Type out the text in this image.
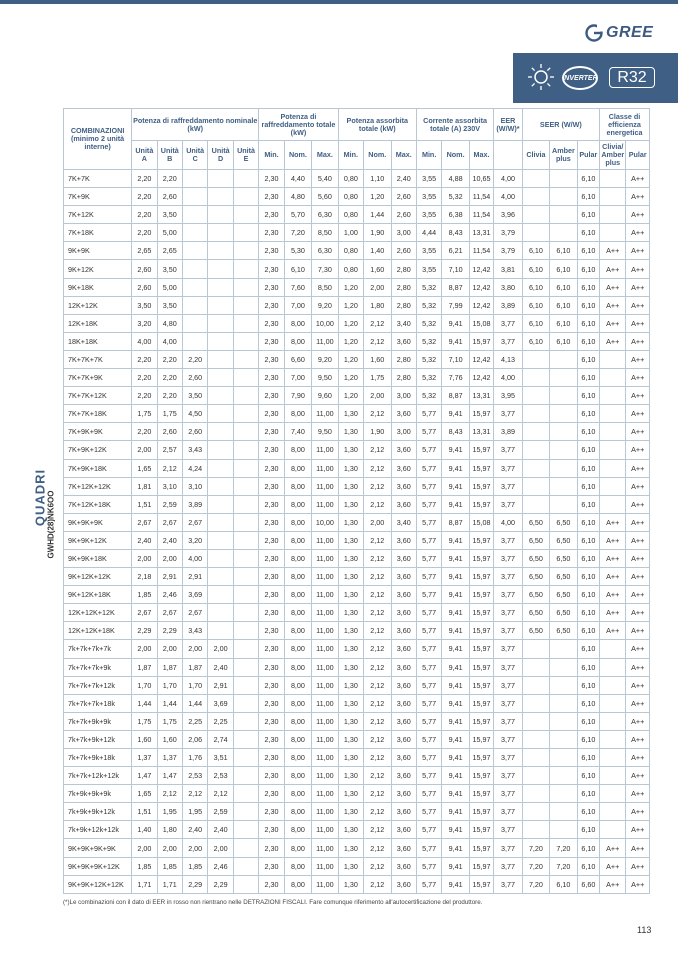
GREE
INVERTER R32
QUADRI GWHD(28)NK6OO
COMBINAZIONI (minimo 2 unità interne)	Potenza di raffreddamento nominale (kW)					Potenza di raffreddamento totale (kW)			Potenza assorbita totale (kW)			Corrente assorbita totale (A) 230V			EER (W/W)*	SEER (W/W)			Classe di efficienza energetica	
	Unità A	Unità B	Unità C	Unità D	Unità E	Min.	Nom.	Max.	Min.	Nom.	Max.	Min.	Nom.	Max.		Clivia	Amber plus	Pular	Clivia/ Amber plus	Pular
7K+7K	2,20	2,20				2,30	4,40	5,40	0,80	1,10	2,40	3,55	4,88	10,65	4,00			6,10		A++
7K+9K	2,20	2,60				2,30	4,80	5,60	0,80	1,20	2,60	3,55	5,32	11,54	4,00			6,10		A++
7K+12K	2,20	3,50				2,30	5,70	6,30	0,80	1,44	2,60	3,55	6,38	11,54	3,96			6,10		A++
7K+18K	2,20	5,00				2,30	7,20	8,50	1,00	1,90	3,00	4,44	8,43	13,31	3,79			6,10		A++
9K+9K	2,65	2,65				2,30	5,30	6,30	0,80	1,40	2,60	3,55	6,21	11,54	3,79	6,10	6,10	6,10	A++	A++
9K+12K	2,60	3,50				2,30	6,10	7,30	0,80	1,60	2,80	3,55	7,10	12,42	3,81	6,10	6,10	6,10	A++	A++
9K+18K	2,60	5,00				2,30	7,60	8,50	1,20	2,00	2,80	5,32	8,87	12,42	3,80	6,10	6,10	6,10	A++	A++
12K+12K	3,50	3,50				2,30	7,00	9,20	1,20	1,80	2,80	5,32	7,99	12,42	3,89	6,10	6,10	6,10	A++	A++
12K+18K	3,20	4,80				2,30	8,00	10,00	1,20	2,12	3,40	5,32	9,41	15,08	3,77	6,10	6,10	6,10	A++	A++
18K+18K	4,00	4,00				2,30	8,00	11,00	1,20	2,12	3,60	5,32	9,41	15,97	3,77	6,10	6,10	6,10	A++	A++
7K+7K+7K	2,20	2,20	2,20			2,30	6,60	9,20	1,20	1,60	2,80	5,32	7,10	12,42	4,13			6,10		A++
7K+7K+9K	2,20	2,20	2,60			2,30	7,00	9,50	1,20	1,75	2,80	5,32	7,76	12,42	4,00			6,10		A++
7K+7K+12K	2,20	2,20	3,50			2,30	7,90	9,60	1,20	2,00	3,00	5,32	8,87	13,31	3,95			6,10		A++
7K+7K+18K	1,75	1,75	4,50			2,30	8,00	11,00	1,30	2,12	3,60	5,77	9,41	15,97	3,77			6,10		A++
7K+9K+9K	2,20	2,60	2,60			2,30	7,40	9,50	1,30	1,90	3,00	5,77	8,43	13,31	3,89			6,10		A++
7K+9K+12K	2,00	2,57	3,43			2,30	8,00	11,00	1,30	2,12	3,60	5,77	9,41	15,97	3,77			6,10		A++
7K+9K+18K	1,65	2,12	4,24			2,30	8,00	11,00	1,30	2,12	3,60	5,77	9,41	15,97	3,77			6,10		A++
7K+12K+12K	1,81	3,10	3,10			2,30	8,00	11,00	1,30	2,12	3,60	5,77	9,41	15,97	3,77			6,10		A++
7K+12K+18K	1,51	2,59	3,89			2,30	8,00	11,00	1,30	2,12	3,60	5,77	9,41	15,97	3,77			6,10		A++
9K+9K+9K	2,67	2,67	2,67			2,30	8,00	10,00	1,30	2,00	3,40	5,77	8,87	15,08	4,00	6,50	6,50	6,10	A++	A++
9K+9K+12K	2,40	2,40	3,20			2,30	8,00	11,00	1,30	2,12	3,60	5,77	9,41	15,97	3,77	6,50	6,50	6,10	A++	A++
9K+9K+18K	2,00	2,00	4,00			2,30	8,00	11,00	1,30	2,12	3,60	5,77	9,41	15,97	3,77	6,50	6,50	6,10	A++	A++
9K+12K+12K	2,18	2,91	2,91			2,30	8,00	11,00	1,30	2,12	3,60	5,77	9,41	15,97	3,77	6,50	6,50	6,10	A++	A++
9K+12K+18K	1,85	2,46	3,69			2,30	8,00	11,00	1,30	2,12	3,60	5,77	9,41	15,97	3,77	6,50	6,50	6,10	A++	A++
12K+12K+12K	2,67	2,67	2,67			2,30	8,00	11,00	1,30	2,12	3,60	5,77	9,41	15,97	3,77	6,50	6,50	6,10	A++	A++
12K+12K+18K	2,29	2,29	3,43			2,30	8,00	11,00	1,30	2,12	3,60	5,77	9,41	15,97	3,77	6,50	6,50	6,10	A++	A++
7k+7k+7k+7k	2,00	2,00	2,00	2,00		2,30	8,00	11,00	1,30	2,12	3,60	5,77	9,41	15,97	3,77			6,10		A++
7k+7k+7k+9k	1,87	1,87	1,87	2,40		2,30	8,00	11,00	1,30	2,12	3,60	5,77	9,41	15,97	3,77			6,10		A++
7k+7k+7k+12k	1,70	1,70	1,70	2,91		2,30	8,00	11,00	1,30	2,12	3,60	5,77	9,41	15,97	3,77			6,10		A++
7k+7k+7k+18k	1,44	1,44	1,44	3,69		2,30	8,00	11,00	1,30	2,12	3,60	5,77	9,41	15,97	3,77			6,10		A++
7k+7k+9k+9k	1,75	1,75	2,25	2,25		2,30	8,00	11,00	1,30	2,12	3,60	5,77	9,41	15,97	3,77			6,10		A++
7k+7k+9k+12k	1,60	1,60	2,06	2,74		2,30	8,00	11,00	1,30	2,12	3,60	5,77	9,41	15,97	3,77			6,10		A++
7k+7k+9k+18k	1,37	1,37	1,76	3,51		2,30	8,00	11,00	1,30	2,12	3,60	5,77	9,41	15,97	3,77			6,10		A++
7k+7k+12k+12k	1,47	1,47	2,53	2,53		2,30	8,00	11,00	1,30	2,12	3,60	5,77	9,41	15,97	3,77			6,10		A++
7k+9k+9k+9k	1,65	2,12	2,12	2,12		2,30	8,00	11,00	1,30	2,12	3,60	5,77	9,41	15,97	3,77			6,10		A++
7k+9k+9k+12k	1,51	1,95	1,95	2,59		2,30	8,00	11,00	1,30	2,12	3,60	5,77	9,41	15,97	3,77			6,10		A++
7k+9k+12k+12k	1,40	1,80	2,40	2,40		2,30	8,00	11,00	1,30	2,12	3,60	5,77	9,41	15,97	3,77			6,10		A++
9K+9K+9K+9K	2,00	2,00	2,00	2,00		2,30	8,00	11,00	1,30	2,12	3,60	5,77	9,41	15,97	3,77	7,20	7,20	6,10	A++	A++
9K+9K+9K+12K	1,85	1,85	1,85	2,46		2,30	8,00	11,00	1,30	2,12	3,60	5,77	9,41	15,97	3,77	7,20	7,20	6,10	A++	A++
9K+9K+12K+12K	1,71	1,71	2,29	2,29		2,30	8,00	11,00	1,30	2,12	3,60	5,77	9,41	15,97	3,77	7,20	6,10	6,60	A++	A++
(*)Le combinazioni con il dato di EER in rosso non rientrano nelle DETRAZIONI FISCALI. Fare comunque riferimento all'autocertificazione del produttore.
113
